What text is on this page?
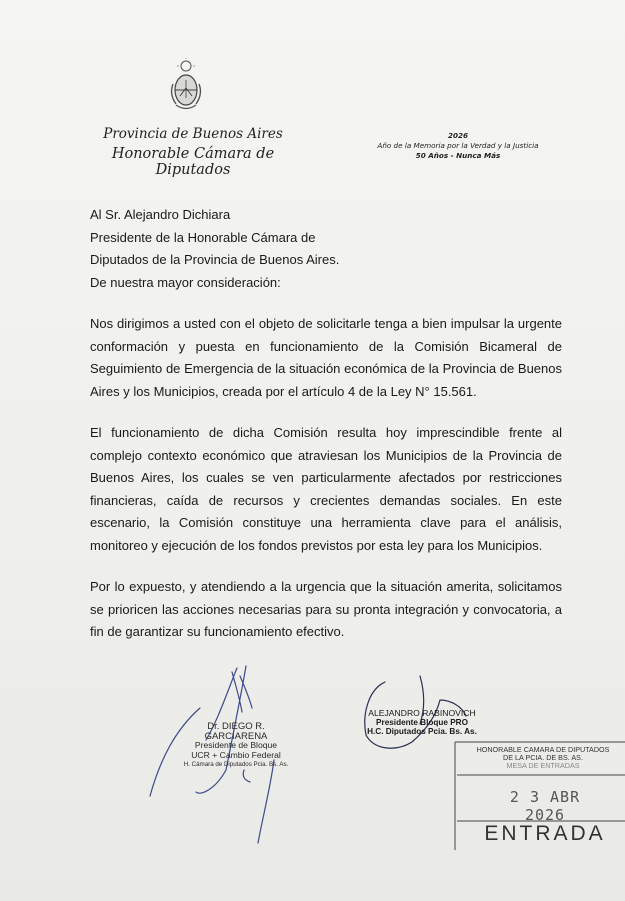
Provincia de Buenos Aires
Honorable Cámara de Diputados
2026
Año de la Memoria por la Verdad y la Justicia
50 Años - Nunca Más
Al Sr. Alejandro Dichiara
Presidente de la Honorable Cámara de
Diputados de la Provincia de Buenos Aires.
De nuestra mayor consideración:
Nos dirigimos a usted con el objeto de solicitarle tenga a bien impulsar la urgente conformación y puesta en funcionamiento de la Comisión Bicameral de Seguimiento de Emergencia de la situación económica de la Provincia de Buenos Aires y los Municipios, creada por el artículo 4 de la Ley N° 15.561.
El funcionamiento de dicha Comisión resulta hoy imprescindible frente al complejo contexto económico que atraviesan los Municipios de la Provincia de Buenos Aires, los cuales se ven particularmente afectados por restricciones financieras, caída de recursos y crecientes demandas sociales. En este escenario, la Comisión constituye una herramienta clave para el análisis, monitoreo y ejecución de los fondos previstos por esta ley para los Municipios.
Por lo expuesto, y atendiendo a la urgencia que la situación amerita, solicitamos se prioricen las acciones necesarias para su pronta integración y convocatoria, a fin de garantizar su funcionamiento efectivo.
Dr. DIEGO R. GARCIARENA
Presidente de Bloque
UCR + Cambio Federal
H. Cámara de Diputados Pcia. Bs. As.
ALEJANDRO RABINOVICH
Presidente Bloque PRO
H.C. Diputados Pcia. Bs. As.
HONORABLE CAMARA DE DIPUTADOS
DE LA PCIA. DE BS. AS.
MESA DE ENTRADAS
2 3 ABR 2026
ENTRADA
